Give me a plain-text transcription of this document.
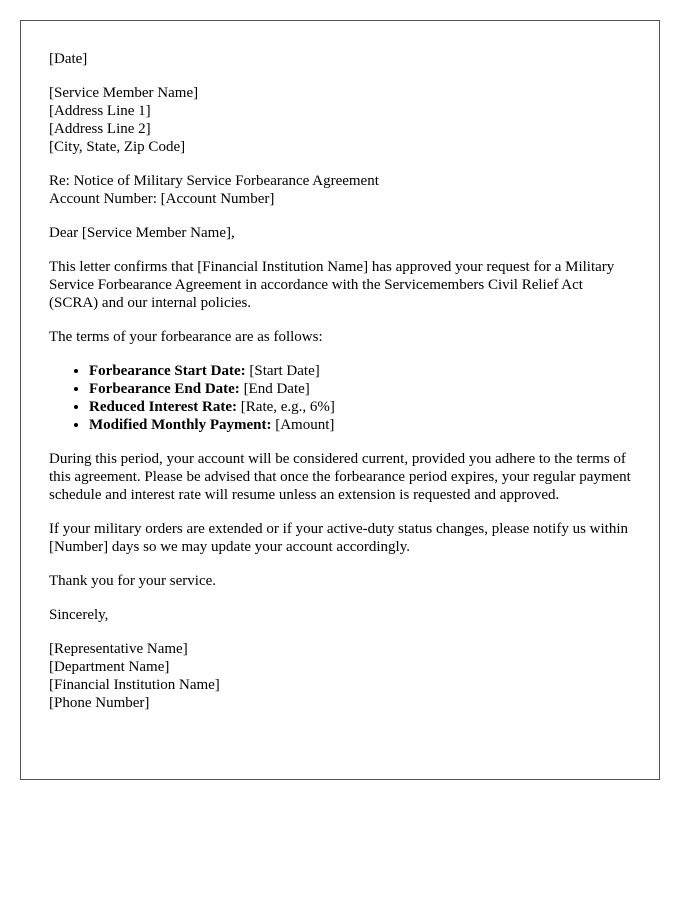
[Date]
[Service Member Name]
[Address Line 1]
[Address Line 2]
[City, State, Zip Code]
Re: Notice of Military Service Forbearance Agreement
Account Number: [Account Number]

Dear [Service Member Name],

This letter confirms that [Financial Institution Name] has approved your request for a Military Service Forbearance Agreement in accordance with the Servicemembers Civil Relief Act (SCRA) and our internal policies.

The terms of your forbearance are as follows:

• Forbearance Start Date: [Start Date]
• Forbearance End Date: [End Date]
• Reduced Interest Rate: [Rate, e.g., 6%]
• Modified Monthly Payment: [Amount]

During this period, your account will be considered current, provided you adhere to the terms of this agreement. Please be advised that once the forbearance period expires, your regular payment schedule and interest rate will resume unless an extension is requested and approved.

If your military orders are extended or if your active-duty status changes, please notify us within [Number] days so we may update your account accordingly.

Thank you for your service.

Sincerely,

[Representative Name]
[Department Name]
[Financial Institution Name]
[Phone Number]
